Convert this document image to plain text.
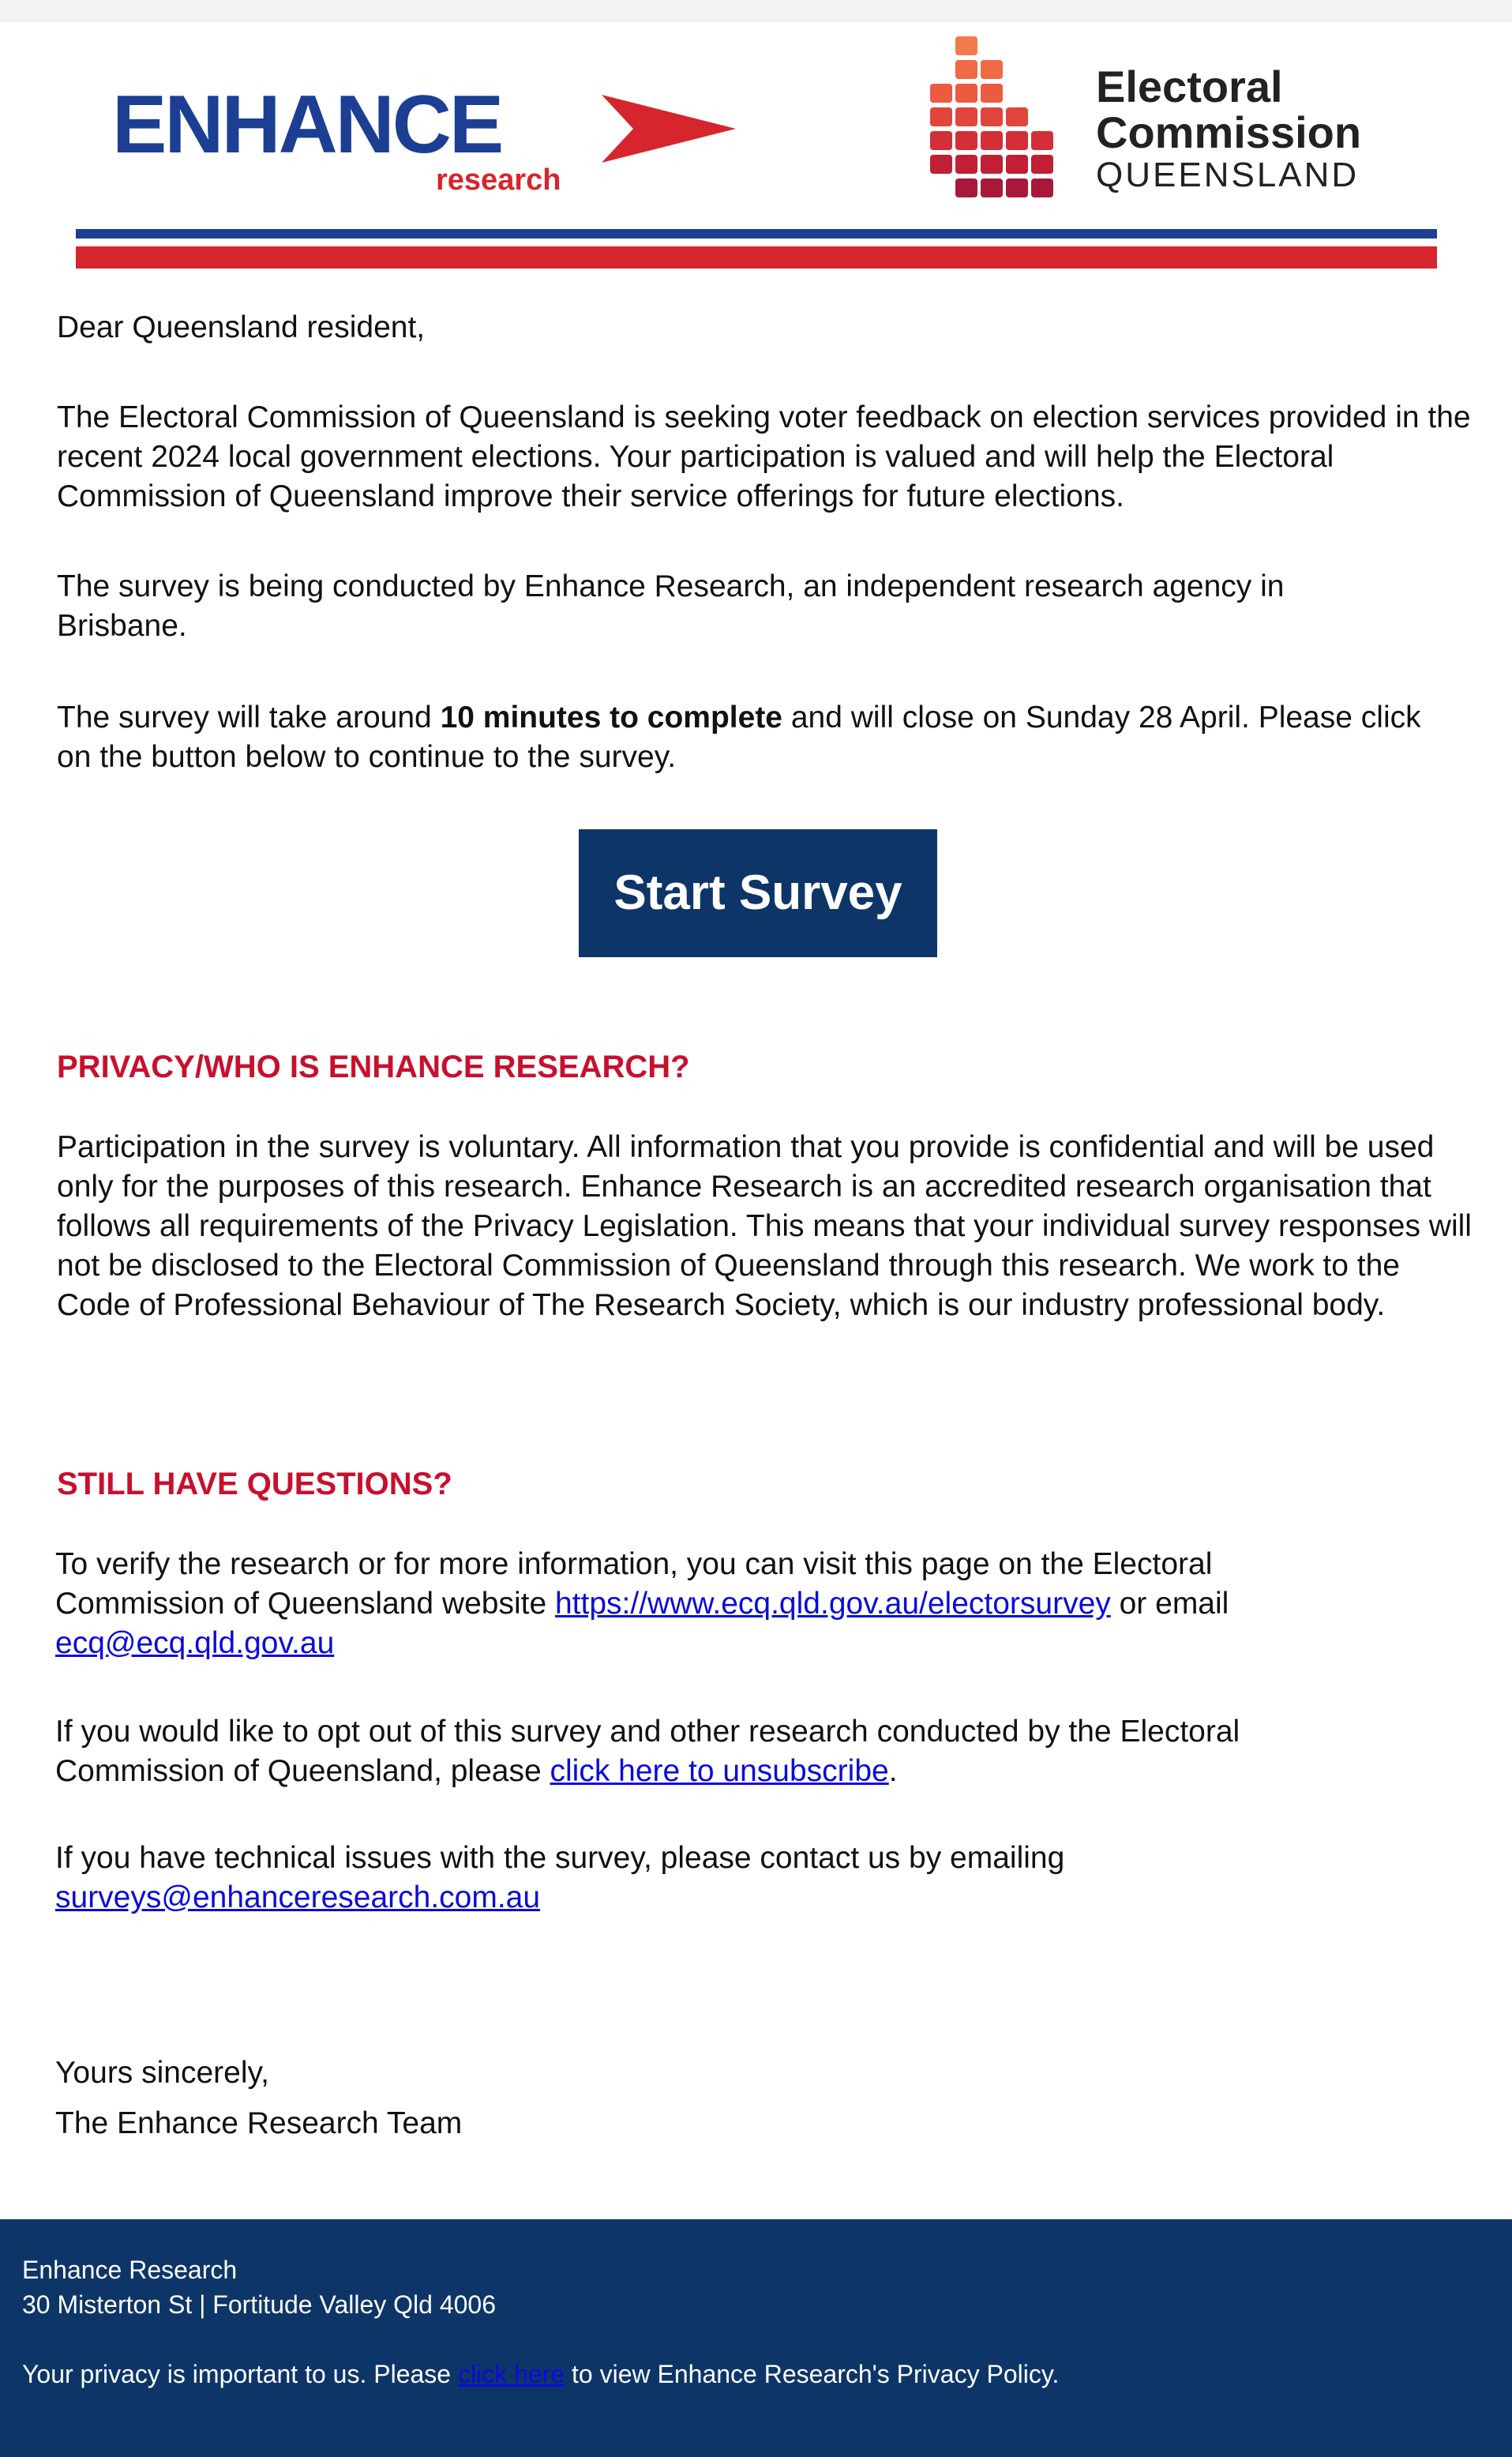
ENHANCE
research
Electoral
Commission
QUEENSLAND

Dear Queensland resident,

The Electoral Commission of Queensland is seeking voter feedback on election services provided in the recent 2024 local government elections. Your participation is valued and will help the Electoral Commission of Queensland improve their service offerings for future elections.

The survey is being conducted by Enhance Research, an independent research agency in Brisbane.

The survey will take around 10 minutes to complete and will close on Sunday 28 April. Please click on the button below to continue to the survey.

Start Survey

PRIVACY/WHO IS ENHANCE RESEARCH?

Participation in the survey is voluntary. All information that you provide is confidential and will be used only for the purposes of this research. Enhance Research is an accredited research organisation that follows all requirements of the Privacy Legislation. This means that your individual survey responses will not be disclosed to the Electoral Commission of Queensland through this research. We work to the Code of Professional Behaviour of The Research Society, which is our industry professional body.

STILL HAVE QUESTIONS?

To verify the research or for more information, you can visit this page on the Electoral Commission of Queensland website https://www.ecq.qld.gov.au/electorsurvey or email ecq@ecq.qld.gov.au

If you would like to opt out of this survey and other research conducted by the Electoral Commission of Queensland, please click here to unsubscribe.

If you have technical issues with the survey, please contact us by emailing surveys@enhanceresearch.com.au

Yours sincerely,

The Enhance Research Team

Enhance Research
30 Misterton St | Fortitude Valley Qld 4006
Your privacy is important to us. Please click here to view Enhance Research's Privacy Policy.
